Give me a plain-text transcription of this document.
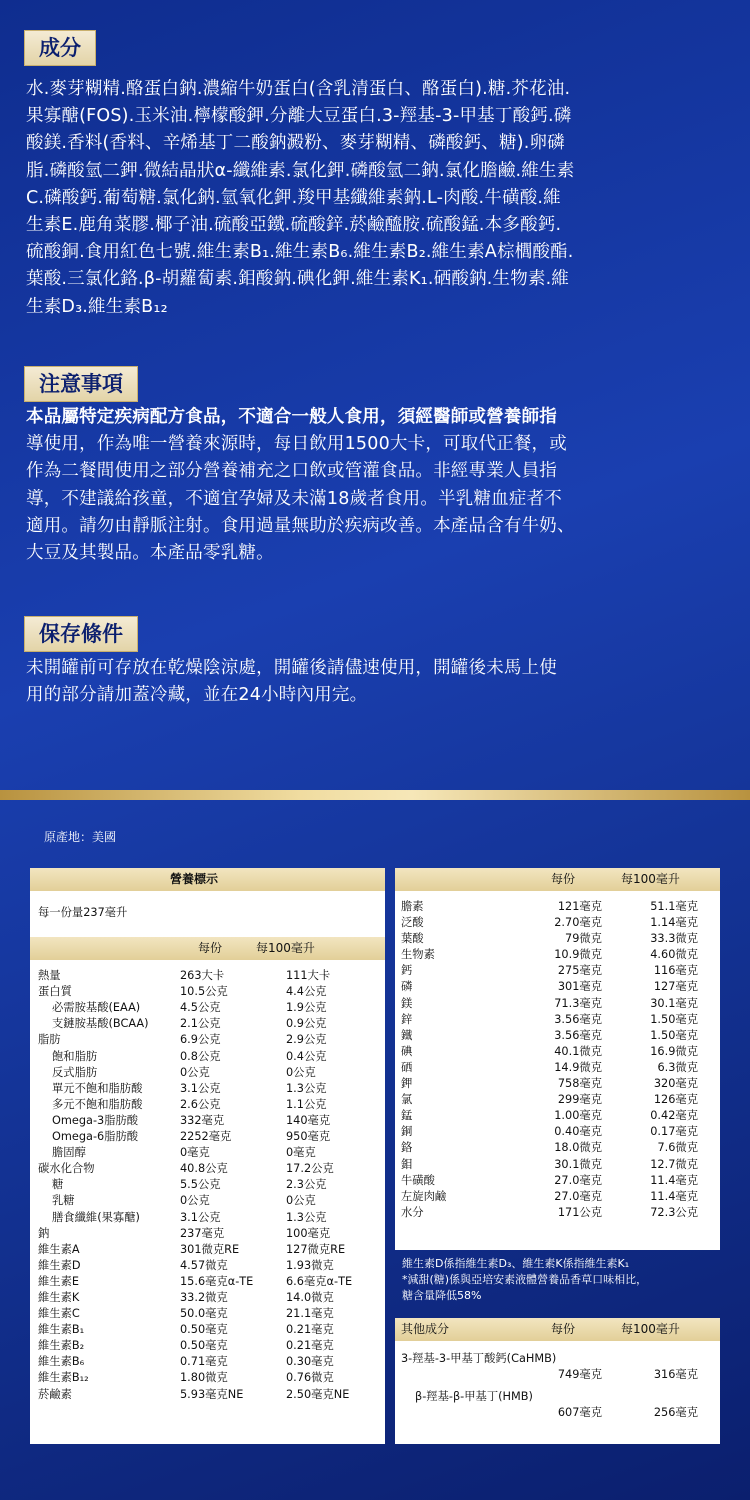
成分
水.麥芽糊精.酪蛋白鈉.濃縮牛奶蛋白(含乳清蛋白、酪蛋白).糖.芥花油.
果寡醣(FOS).玉米油.檸檬酸鉀.分離大豆蛋白.3-羥基-3-甲基丁酸鈣.磷
酸鎂.香料(香料、辛烯基丁二酸鈉澱粉、麥芽糊精、磷酸鈣、糖).卵磷
脂.磷酸氫二鉀.微結晶狀α-纖維素.氯化鉀.磷酸氫二鈉.氯化膽鹼.維生素
C.磷酸鈣.葡萄糖.氯化鈉.氫氧化鉀.羧甲基纖維素鈉.L-肉酸.牛磺酸.維
生素E.鹿角菜膠.椰子油.硫酸亞鐵.硫酸鋅.菸鹼醯胺.硫酸錳.本多酸鈣.
硫酸銅.食用紅色七號.維生素B₁.維生素B₆.維生素B₂.維生素A棕櫚酸酯.
葉酸.三氯化鉻.β-胡蘿蔔素.鉬酸鈉.碘化鉀.維生素K₁.硒酸鈉.生物素.維
生素D₃.維生素B₁₂
注意事項
本品屬特定疾病配方食品，不適合一般人食用，須經醫師或營養師指
導使用，作為唯一營養來源時，每日飲用1500大卡，可取代正餐，或
作為二餐間使用之部分營養補充之口飲或管灌食品。非經專業人員指
導，不建議給孩童，不適宜孕婦及未滿18歲者食用。半乳糖血症者不
適用。請勿由靜脈注射。食用過量無助於疾病改善。本產品含有牛奶、
大豆及其製品。本產品零乳糖。
保存條件
未開罐前可存放在乾燥陰涼處，開罐後請儘速使用，開罐後未馬上使
用的部分請加蓋冷藏，並在24小時內用完。
原產地：美國
營養標示
每一份量237毫升
每份	每100毫升
熱量	263大卡	111大卡
蛋白質	10.5公克	4.4公克
必需胺基酸(EAA)	4.5公克	1.9公克
支鏈胺基酸(BCAA)	2.1公克	0.9公克
脂肪	6.9公克	2.9公克
飽和脂肪	0.8公克	0.4公克
反式脂肪	0公克	0公克
單元不飽和脂肪酸	3.1公克	1.3公克
多元不飽和脂肪酸	2.6公克	1.1公克
Omega-3脂肪酸	332毫克	140毫克
Omega-6脂肪酸	2252毫克	950毫克
膽固醇	0毫克	0毫克
碳水化合物	40.8公克	17.2公克
糖	5.5公克	2.3公克
乳糖	0公克	0公克
膳食纖維(果寡醣)	3.1公克	1.3公克
鈉	237毫克	100毫克
維生素A	301微克RE	127微克RE
維生素D	4.57微克	1.93微克
維生素E	15.6毫克α-TE	6.6毫克α-TE
維生素K	33.2微克	14.0微克
維生素C	50.0毫克	21.1毫克
維生素B₁	0.50毫克	0.21毫克
維生素B₂	0.50毫克	0.21毫克
維生素B₆	0.71毫克	0.30毫克
維生素B₁₂	1.80微克	0.76微克
菸鹼素	5.93毫克NE	2.50毫克NE
每份	每100毫升
膽素	121毫克	51.1毫克
泛酸	2.70毫克	1.14毫克
葉酸	79微克	33.3微克
生物素	10.9微克	4.60微克
鈣	275毫克	116毫克
磷	301毫克	127毫克
鎂	71.3毫克	30.1毫克
鋅	3.56毫克	1.50毫克
鐵	3.56毫克	1.50毫克
碘	40.1微克	16.9微克
硒	14.9微克	6.3微克
鉀	758毫克	320毫克
氯	299毫克	126毫克
錳	1.00毫克	0.42毫克
銅	0.40毫克	0.17毫克
鉻	18.0微克	7.6微克
鉬	30.1微克	12.7微克
牛磺酸	27.0毫克	11.4毫克
左旋肉鹼	27.0毫克	11.4毫克
水分	171公克	72.3公克
維生素D係指維生素D₃、維生素K係指維生素K₁
*減甜(糖)係與亞培安素液體營養品香草口味相比，
糖含量降低58%
其他成分	每份	每100毫升
3-羥基-3-甲基丁酸鈣(CaHMB)
749毫克	316毫克
β-羥基-β-甲基丁(HMB)
607毫克	256毫克
